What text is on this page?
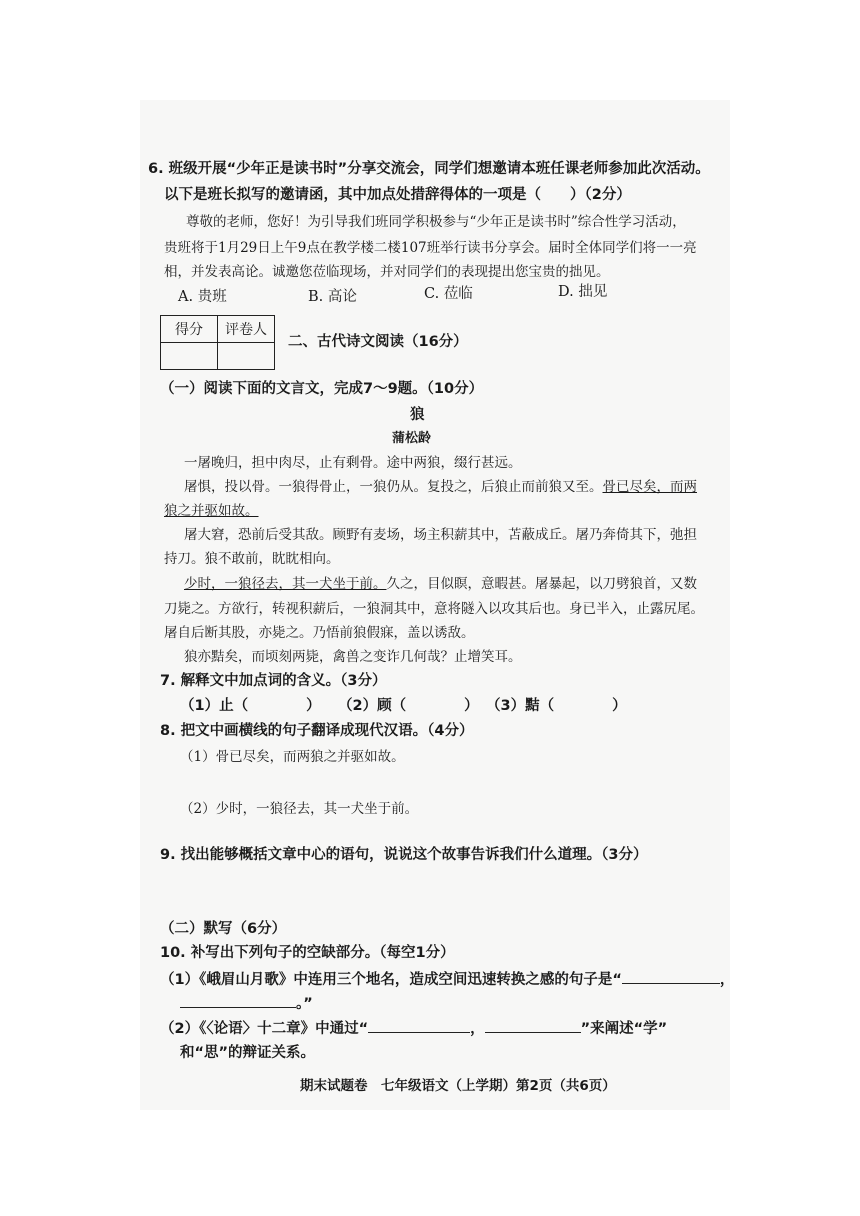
6. 班级开展“少年正是读书时”分享交流会，同学们想邀请本班任课老师参加此次活动。
以下是班长拟写的邀请函，其中加点处措辞得体的一项是（　　）（2分）
尊敬的老师，您好！为引导我们班同学积极参与“少年正是读书时”综合性学习活动，
贵班将于1月29日上午9点在教学楼二楼107班举行读书分享会。届时全体同学们将一一亮
相，并发表高论。诚邀您莅临现场，并对同学们的表现提出您宝贵的拙见。
A. 贵班	B. 高论	C. 莅临	D. 拙见
得分	评卷人

二、古代诗文阅读（16分）
（一）阅读下面的文言文，完成7～9题。（10分）
狼
蒲松龄
一屠晚归，担中肉尽，止有剩骨。途中两狼，缀行甚远。
屠惧，投以骨。一狼得骨止，一狼仍从。复投之，后狼止而前狼又至。骨已尽矣，而两
狼之并驱如故。
屠大窘，恐前后受其敌。顾野有麦场，场主积薪其中，苫蔽成丘。屠乃奔倚其下，弛担
持刀。狼不敢前，眈眈相向。
少时，一狼径去，其一犬坐于前。久之，目似瞑，意暇甚。屠暴起，以刀劈狼首，又数
刀毙之。方欲行，转视积薪后，一狼洞其中，意将隧入以攻其后也。身已半入，止露尻尾。
屠自后断其股，亦毙之。乃悟前狼假寐，盖以诱敌。
狼亦黠矣，而顷刻两毙，禽兽之变诈几何哉？止增笑耳。
7. 解释文中加点词的含义。（3分）
（1）止（　　　　） （2）顾（　　　　） （3）黠（　　　　）
8. 把文中画横线的句子翻译成现代汉语。（4分）
（1）骨已尽矣，而两狼之并驱如故。
（2）少时，一狼径去，其一犬坐于前。
9. 找出能够概括文章中心的语句，说说这个故事告诉我们什么道理。（3分）
（二）默写（6分）
10. 补写出下列句子的空缺部分。（每空1分）
（1）《峨眉山月歌》中连用三个地名，造成空间迅速转换之感的句子是“	，
。”
（2）《〈论语〉十二章》中通过“	，	”来阐述“学”
和“思”的辩证关系。
期末试题卷　七年级语文（上学期）第2页（共6页）
